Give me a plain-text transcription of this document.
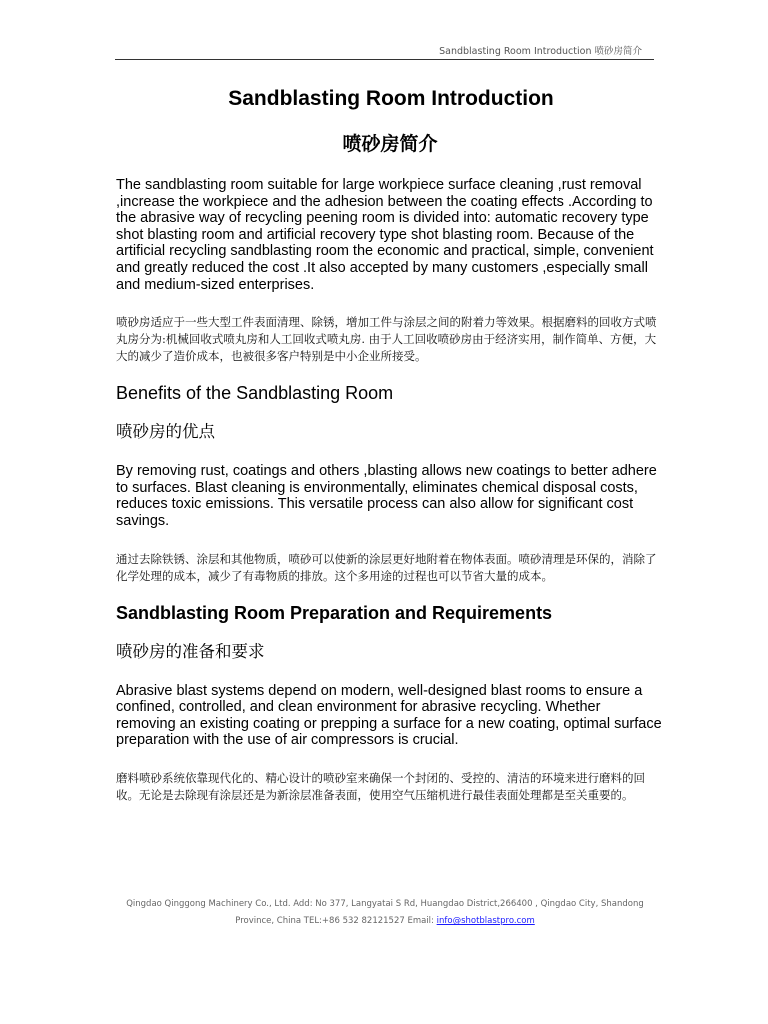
Sandblasting Room Introduction 喷砂房简介
Sandblasting Room Introduction
喷砂房简介

The sandblasting room suitable for large workpiece surface cleaning ,rust removal ,increase the workpiece and the adhesion between the coating effects .According to the abrasive way of recycling peening room is divided into: automatic recovery type shot blasting room and artificial recovery type shot blasting room. Because of the artificial recycling sandblasting room the economic and practical, simple, convenient and greatly reduced the cost .It also accepted by many customers ,especially small and medium-sized enterprises.

喷砂房适应于一些大型工件表面清理、除锈，增加工件与涂层之间的附着力等效果。根据磨料的回收方式喷丸房分为:机械回收式喷丸房和人工回收式喷丸房. 由于人工回收喷砂房由于经济实用，制作简单、方便，大大的减少了造价成本，也被很多客户特别是中小企业所接受。

Benefits of the Sandblasting Room
喷砂房的优点

By removing rust, coatings and others ,blasting allows new coatings to better adhere to surfaces. Blast cleaning is environmentally, eliminates chemical disposal costs, reduces toxic emissions. This versatile process can also allow for significant cost savings.

通过去除铁锈、涂层和其他物质，喷砂可以使新的涂层更好地附着在物体表面。喷砂清理是环保的，消除了化学处理的成本，减少了有毒物质的排放。这个多用途的过程也可以节省大量的成本。

Sandblasting Room Preparation and Requirements
喷砂房的准备和要求

Abrasive blast systems depend on modern, well-designed blast rooms to ensure a confined, controlled, and clean environment for abrasive recycling. Whether removing an existing coating or prepping a surface for a new coating, optimal surface preparation with the use of air compressors is crucial.

磨料喷砂系统依靠现代化的、精心设计的喷砂室来确保一个封闭的、受控的、清洁的环境来进行磨料的回收。无论是去除现有涂层还是为新涂层准备表面，使用空气压缩机进行最佳表面处理都是至关重要的。

Qingdao Qinggong Machinery Co., Ltd. Add: No 377, Langyatai S Rd, Huangdao District,266400 , Qingdao City, Shandong
Province, China TEL:+86 532 82121527 Email: info@shotblastpro.com
